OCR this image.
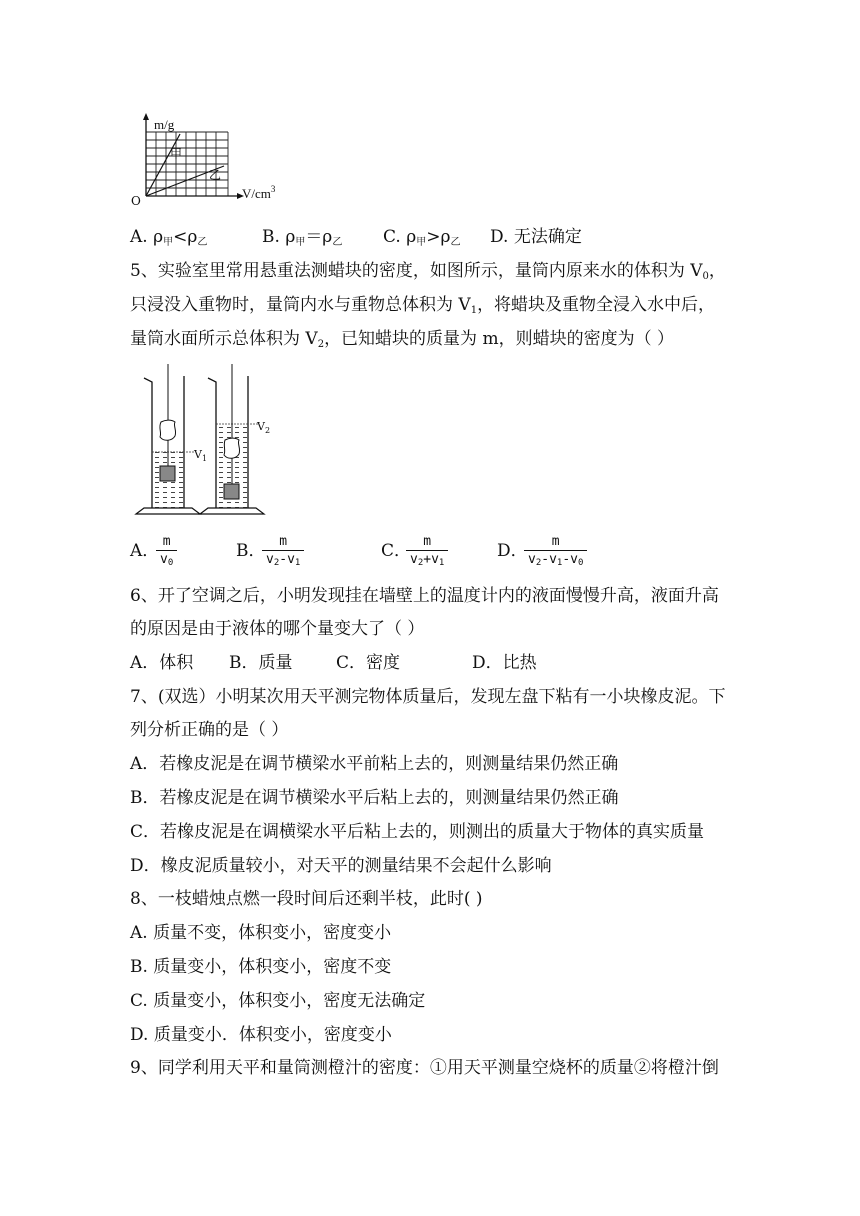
m/g
O	$V/cm^3$
甲
乙
A. $\rho_甲<\rho_乙$	B. $\rho_甲=\rho_乙$ C. $\rho_甲>\rho_乙$ D. 无法确定
5、实验室里常用悬重法测蜡块的密度，如图所示，量筒内原来水的体积为 $V_0$，
只浸没入重物时，量筒内水与重物总体积为 $V_1$，将蜡块及重物全浸入水中后，
量筒水面所示总体积为 $V_2$，已知蜡块的质量为 m，则蜡块的密度为（ ）
$V_1$
$V_2$
A．
$\frac{m}{v_0}$	B．
$\frac{m}{v_2-v_1}$	C．
$\frac{m}{v_2+v_1}$	D．
$\frac{m}{v_2-v_1-v_0}$
6、开了空调之后，小明发现挂在墙壁上的温度计内的液面慢慢升高，液面升高
的原因是由于液体的哪个量变大了（ ）
A．体积 B．质量	C．密度	D．比热
7、(双选）小明某次用天平测完物体质量后，发现左盘下粘有一小块橡皮泥。下
列分析正确的是（ ）
A．若橡皮泥是在调节横梁水平前粘上去的，则测量结果仍然正确
B．若橡皮泥是在调节横梁水平后粘上去的，则测量结果仍然正确
C．若橡皮泥是在调横梁水平后粘上去的，则测出的质量大于物体的真实质量
D．橡皮泥质量较小，对天平的测量结果不会起什么影响
8、一枝蜡烛点燃一段时间后还剩半枝，此时( )
A. 质量不变，体积变小，密度变小
B. 质量变小，体积变小，密度不变
C. 质量变小，体积变小，密度无法确定
D. 质量变小．体积变小，密度变小
9、同学利用天平和量筒测橙汁的密度：①用天平测量空烧杯的质量②将橙汁倒
